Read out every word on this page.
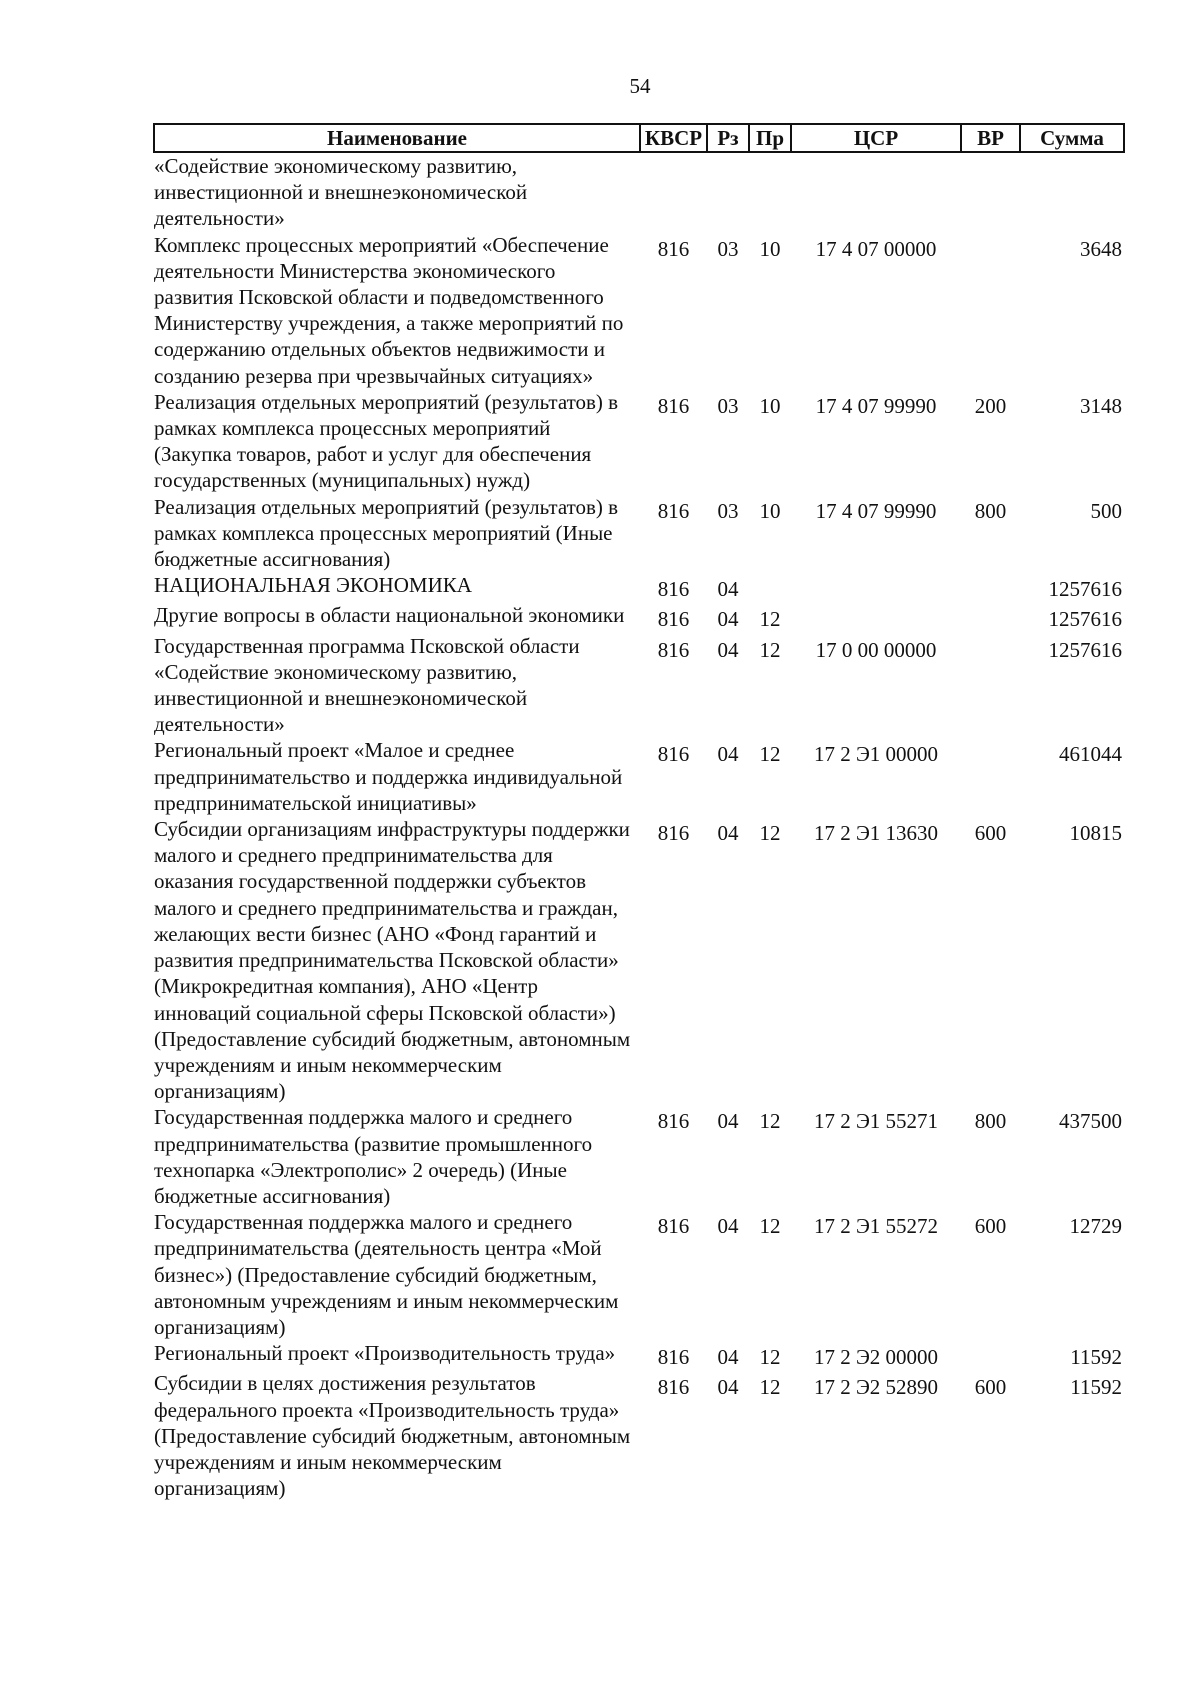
54
Наименование	КВСР	Рз	Пр	ЦСР	ВР	Сумма
«Содействие экономическому развитию, инвестиционной и внешнеэкономической деятельности»						
Комплекс процессных мероприятий «Обеспечение деятельности Министерства экономического развития Псковской области и подведомственного Министерству учреждения, а также мероприятий по содержанию отдельных объектов недвижимости и созданию резерва при чрезвычайных ситуациях»	816	03	10	17 4 07 00000		3648
Реализация отдельных мероприятий (результатов) в рамках комплекса процессных мероприятий (Закупка товаров, работ и услуг для обеспечения государственных (муниципальных) нужд)	816	03	10	17 4 07 99990	200	3148
Реализация отдельных мероприятий (результатов) в рамках комплекса процессных мероприятий (Иные бюджетные ассигнования)	816	03	10	17 4 07 99990	800	500
НАЦИОНАЛЬНАЯ ЭКОНОМИКА	816	04				1257616
Другие вопросы в области национальной экономики	816	04	12			1257616
Государственная программа Псковской области «Содействие экономическому развитию, инвестиционной и внешнеэкономической деятельности»	816	04	12	17 0 00 00000		1257616
Региональный проект «Малое и среднее предпринимательство и поддержка индивидуальной предпринимательской инициативы»	816	04	12	17 2 Э1 00000		461044
Субсидии организациям инфраструктуры поддержки малого и среднего предпринимательства для оказания государственной поддержки субъектов малого и среднего предпринимательства и граждан, желающих вести бизнес (АНО «Фонд гарантий и развития предпринимательства Псковской области» (Микрокредитная компания), АНО «Центр инноваций социальной сферы Псковской области») (Предоставление субсидий бюджетным, автономным учреждениям и иным некоммерческим организациям)	816	04	12	17 2 Э1 13630	600	10815
Государственная поддержка малого и среднего предпринимательства (развитие промышленного технопарка «Электрополис» 2 очередь) (Иные бюджетные ассигнования)	816	04	12	17 2 Э1 55271	800	437500
Государственная поддержка малого и среднего предпринимательства (деятельность центра «Мой бизнес») (Предоставление субсидий бюджетным, автономным учреждениям и иным некоммерческим организациям)	816	04	12	17 2 Э1 55272	600	12729
Региональный проект «Производительность труда»	816	04	12	17 2 Э2 00000		11592
Субсидии в целях достижения результатов федерального проекта «Производительность труда» (Предоставление субсидий бюджетным, автономным учреждениям и иным некоммерческим организациям)	816	04	12	17 2 Э2 52890	600	11592
